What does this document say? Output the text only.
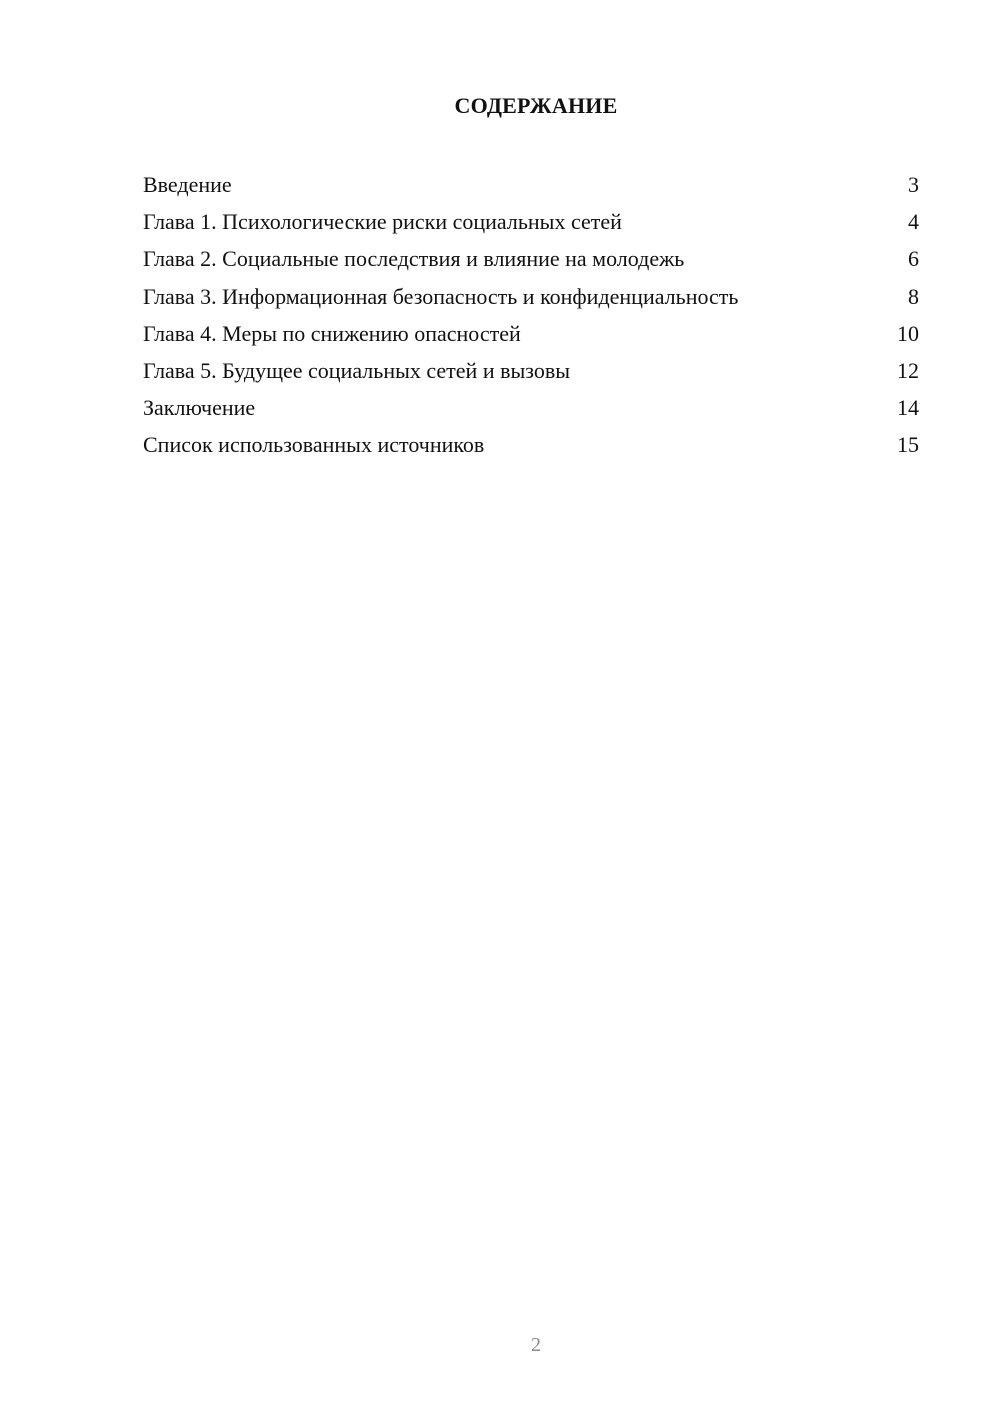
СОДЕРЖАНИЕ
Введение	3
Глава 1. Психологические риски социальных сетей	4
Глава 2. Социальные последствия и влияние на молодежь	6
Глава 3. Информационная безопасность и конфиденциальность	8
Глава 4. Меры по снижению опасностей	10
Глава 5. Будущее социальных сетей и вызовы	12
Заключение	14
Список использованных источников	15
2
